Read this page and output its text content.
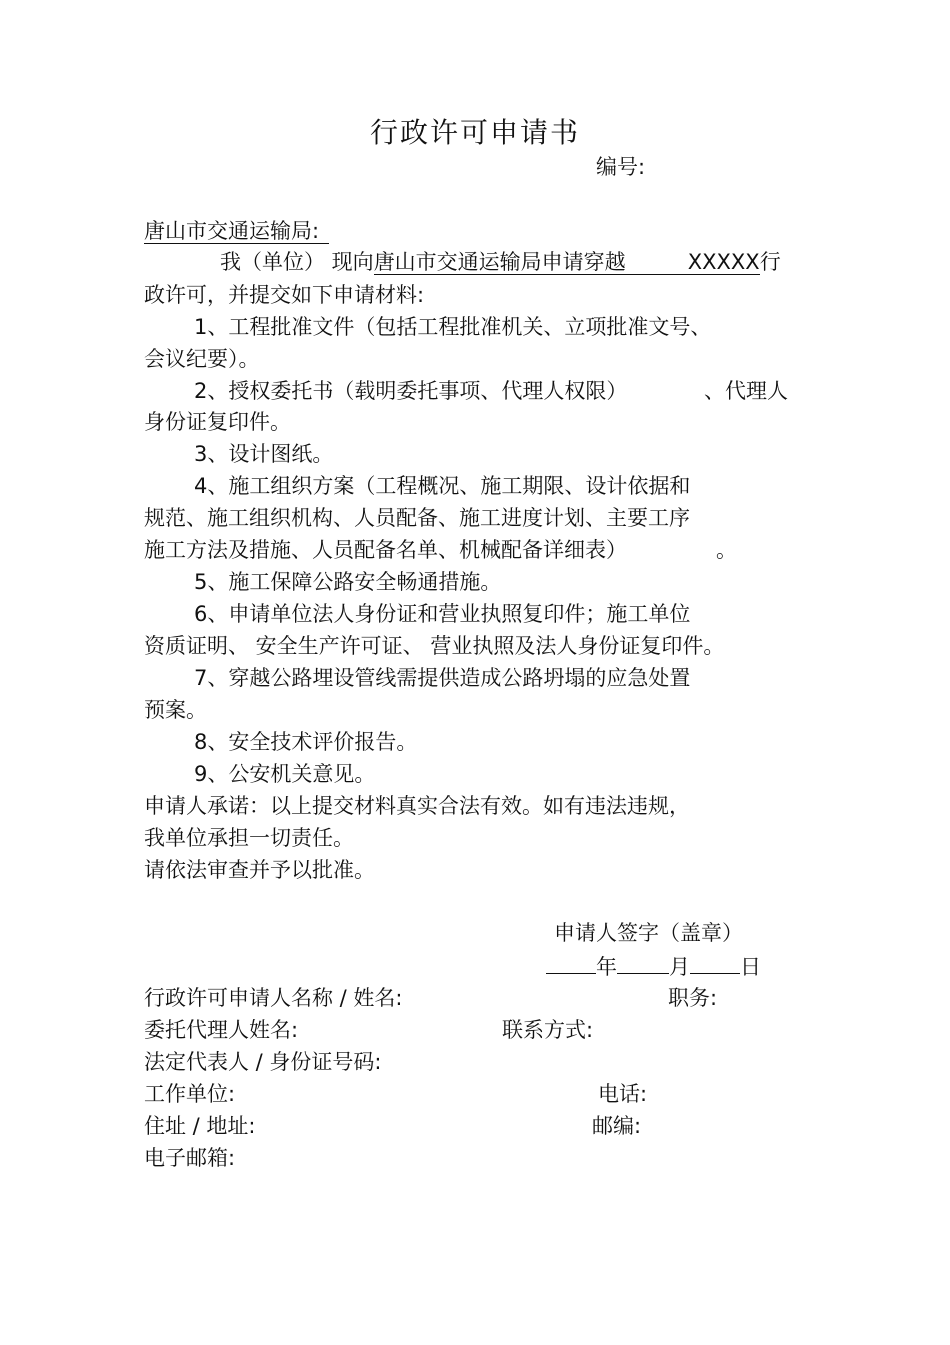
行政许可申请书
编号:
唐山市交通运输局:
我（单位） 现向唐山市交通运输局申请穿越	XXXXX行
政许可，并提交如下申请材料:
1、工程批准文件（包括工程批准机关、立项批准文号、
会议纪要）。
2、授权委托书（载明委托事项、代理人权限）	、代理人
身份证复印件。
3、设计图纸。
4、施工组织方案（工程概况、施工期限、设计依据和
规范、施工组织机构、人员配备、施工进度计划、主要工序
施工方法及措施、人员配备名单、机械配备详细表）	。
5、施工保障公路安全畅通措施。
6、申请单位法人身份证和营业执照复印件；施工单位
资质证明、 安全生产许可证、 营业执照及法人身份证复印件。
7、穿越公路埋设管线需提供造成公路坍塌的应急处置
预案。
8、安全技术评价报告。
9、公安机关意见。
申请人承诺：以上提交材料真实合法有效。如有违法违规，
我单位承担一切责任。
请依法审查并予以批准。
申请人签字（盖章）
年 月 日
行政许可申请人名称 / 姓名:	职务:
委托代理人姓名:	联系方式:
法定代表人 / 身份证号码:
工作单位:	电话:
住址 / 地址:	邮编:
电子邮箱:
